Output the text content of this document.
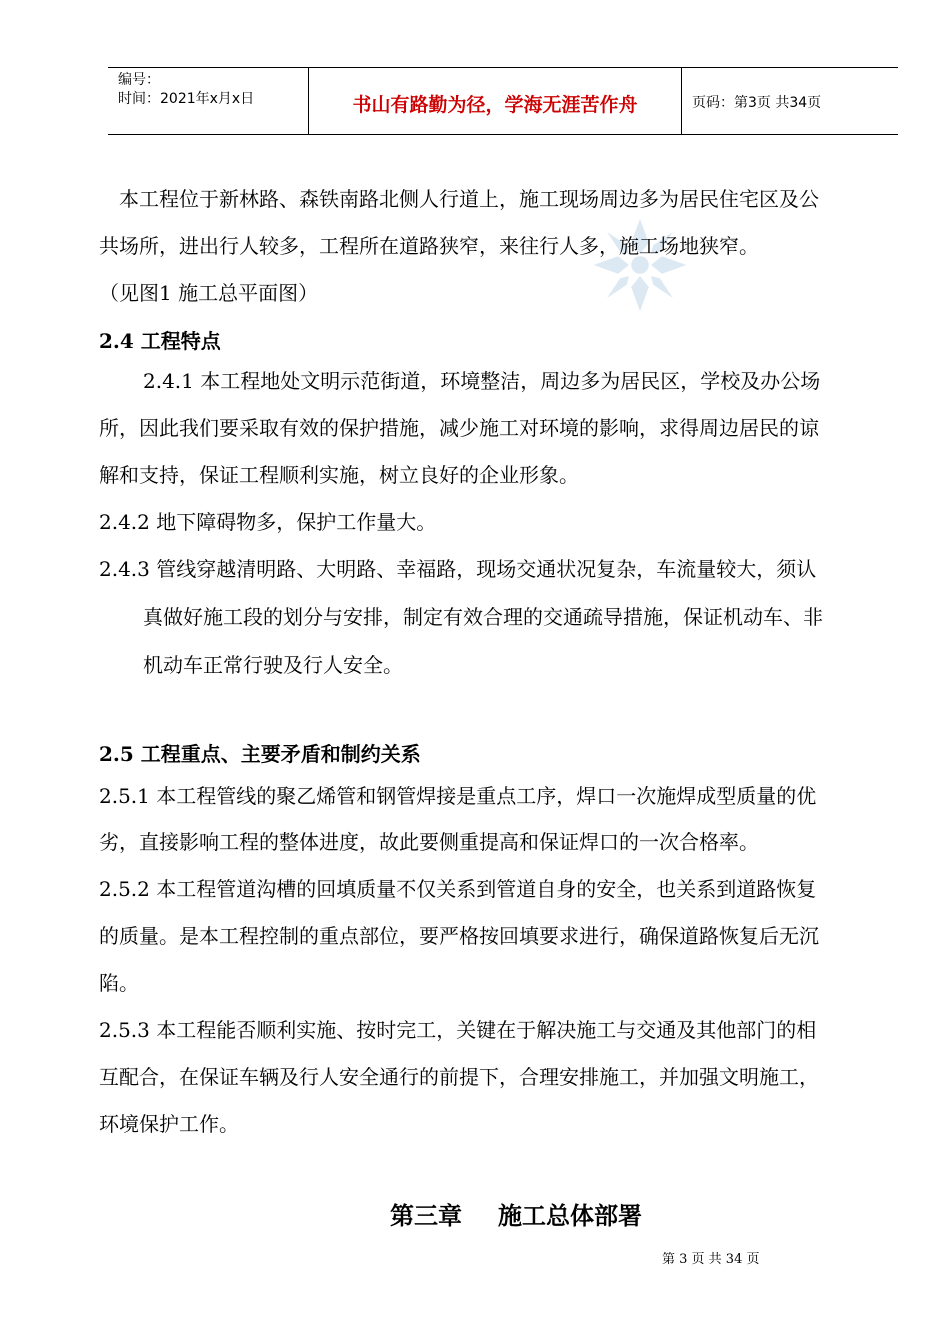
编号：
时间：2021年x月x日	书山有路勤为径，学海无涯苦作舟	页码：第3页 共34页
本工程位于新林路、森铁南路北侧人行道上，施工现场周边多为居民住宅区及公
共场所，进出行人较多，工程所在道路狭窄，来往行人多，施工场地狭窄。
（见图1 施工总平面图）
2.4 工程特点
2.4.1 本工程地处文明示范街道，环境整洁，周边多为居民区，学校及办公场
所，因此我们要采取有效的保护措施，减少施工对环境的影响，求得周边居民的谅
解和支持，保证工程顺利实施，树立良好的企业形象。
2.4.2 地下障碍物多，保护工作量大。
2.4.3 管线穿越清明路、大明路、幸福路，现场交通状况复杂，车流量较大，须认
真做好施工段的划分与安排，制定有效合理的交通疏导措施，保证机动车、非
机动车正常行驶及行人安全。
2.5 工程重点、主要矛盾和制约关系
2.5.1 本工程管线的聚乙烯管和钢管焊接是重点工序，焊口一次施焊成型质量的优
劣，直接影响工程的整体进度，故此要侧重提高和保证焊口的一次合格率。
2.5.2 本工程管道沟槽的回填质量不仅关系到管道自身的安全，也关系到道路恢复
的质量。是本工程控制的重点部位，要严格按回填要求进行，确保道路恢复后无沉
陷。
2.5.3 本工程能否顺利实施、按时完工，关键在于解决施工与交通及其他部门的相
互配合，在保证车辆及行人安全通行的前提下，合理安排施工，并加强文明施工，
环境保护工作。
第三章 施工总体部署
第 3 页 共 34 页
